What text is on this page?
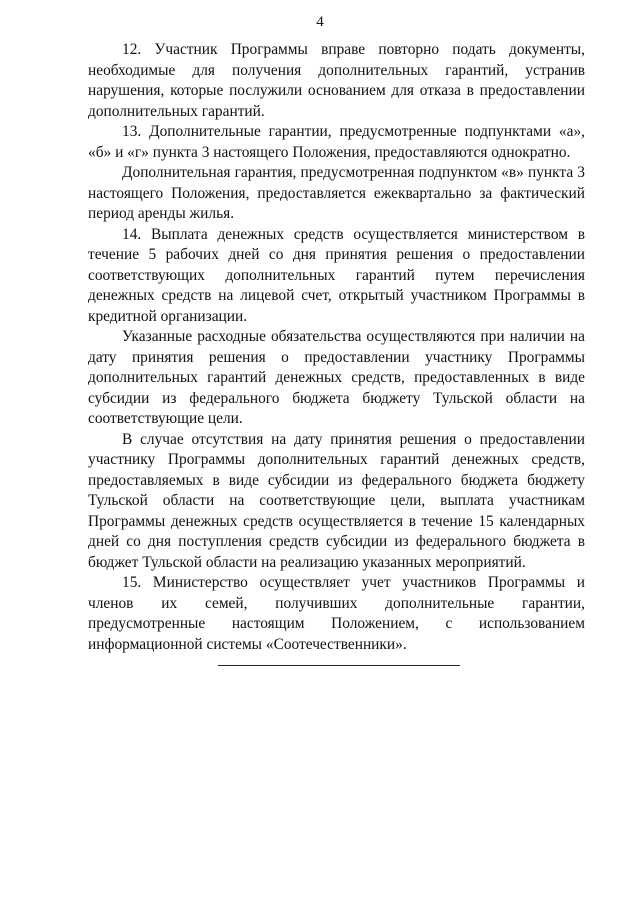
4

12. Участник Программы вправе повторно подать документы, необходимые для получения дополнительных гарантий, устранив нарушения, которые послужили основанием для отказа в предоставлении дополнительных гарантий.

13. Дополнительные гарантии, предусмотренные подпунктами «а», «б» и «г» пункта 3 настоящего Положения, предоставляются однократно.

Дополнительная гарантия, предусмотренная подпунктом «в» пункта 3 настоящего Положения, предоставляется ежеквартально за фактический период аренды жилья.

14. Выплата денежных средств осуществляется министерством в течение 5 рабочих дней со дня принятия решения о предоставлении соответствующих дополнительных гарантий путем перечисления денежных средств на лицевой счет, открытый участником Программы в кредитной организации.

Указанные расходные обязательства осуществляются при наличии на дату принятия решения о предоставлении участнику Программы дополнительных гарантий денежных средств, предоставленных в виде субсидии из федерального бюджета бюджету Тульской области на соответствующие цели.

В случае отсутствия на дату принятия решения о предоставлении участнику Программы дополнительных гарантий денежных средств, предоставляемых в виде субсидии из федерального бюджета бюджету Тульской области на соответствующие цели, выплата участникам Программы денежных средств осуществляется в течение 15 календарных дней со дня поступления средств субсидии из федерального бюджета в бюджет Тульской области на реализацию указанных мероприятий.

15. Министерство осуществляет учет участников Программы и членов их семей, получивших дополнительные гарантии, предусмотренные настоящим Положением, с использованием информационной системы «Соотечественники».
